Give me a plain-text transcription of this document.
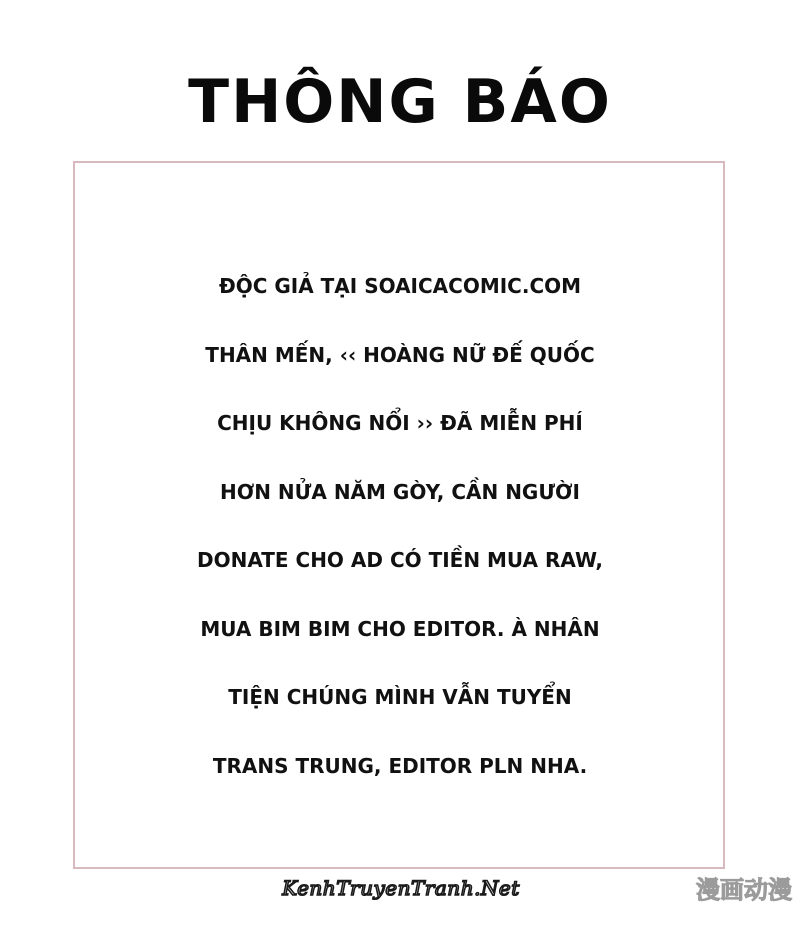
THÔNG BÁO
ĐỘC GIẢ TẠI SOAICACOMIC.COM
THÂN MẾN, ‹‹ HOÀNG NỮ ĐẾ QUỐC
CHỊU KHÔNG NỔI ›› ĐÃ MIỄN PHÍ
HƠN NỬA NĂM GÒY, CẦN NGƯỜI
DONATE CHO AD CÓ TIỀN MUA RAW,
MUA BIM BIM CHO EDITOR. À NHÂN
TIỆN CHÚNG MÌNH VẪN TUYỂN
TRANS TRUNG, EDITOR PLN NHA.
KenhTruyenTranh.Net	漫画动漫
